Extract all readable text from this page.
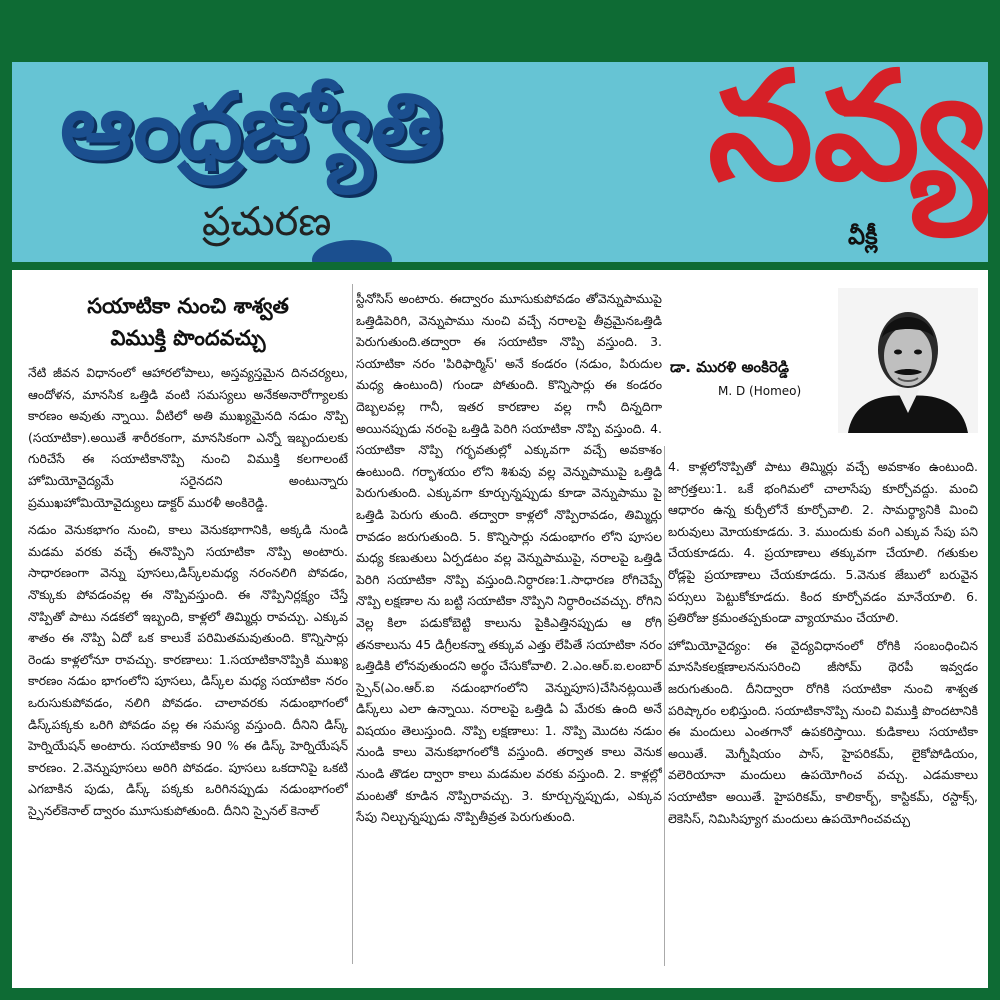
ఆంధ్రజ్యోతి
ప్రచురణ
నవ్య
వీక్లీ
సయాటికా నుంచి శాశ్వత
విముక్తి పొందవచ్చు

నేటి జీవన విధానంలో ఆహారలోపాలు, అస్తవ్యస్తమైన దినచర్యలు, ఆందోళన, మానసిక ఒత్తిడి వంటి సమస్యలు అనేకఅనారోగ్యాలకు కారణం అవుతు న్నాయి. వీటిలో అతి ముఖ్యమైనది నడుం నొప్పి (సయాటికా).అయితే శారీరకంగా, మానసికంగా ఎన్నో ఇబ్బందులకు గురిచేసే ఈ సయాటికానొప్పి నుంచి విముక్తి కలగాలంటే హోమియోవైద్యమే సరైనదని అంటున్నారు ప్రముఖహోమియోవైద్యులు డాక్టర్ మురళీ అంకిరెడ్డి.

నడుం వెనుకభాగం నుంచి, కాలు వెనుకభాగానికి, అక్కడి నుండి మడమ వరకు వచ్చే ఈనొప్పిని సయాటికా నొప్పి అంటారు. సాధారణంగా వెన్ను పూసలు,డిస్క్‌లమధ్య నరంనలిగి పోవడం, నొక్కుకు పోవడంవల్ల ఈ నొప్పివస్తుంది. ఈ నొప్పినిర్లక్ష్యం చేస్తే నొప్పితో పాటు నడకలో ఇబ్బంది, కాళ్లలో తిమ్మిర్లు రావచ్చు. ఎక్కువ శాతం ఈ నొప్పి ఏదో ఒక కాలుకే పరిమితమవుతుంది. కొన్నిసార్లు రెండు కాళ్లలోనూ రావచ్చు. కారణాలు: 1.సయాటికానొప్పికి ముఖ్య కారణం నడుం భాగంలోని పూసలు, డిస్క్‌ల మధ్య సయాటికా నరం ఒరుసుకుపోవడం, నలిగి పోవడం. చాలావరకు నడుంభాగంలో డిస్క్‌పక్కకు ఒరిగి పోవడం వల్ల ఈ సమస్య వస్తుంది. దీనిని డిస్క్ హెర్నియేషన్ అంటారు. సయాటికాకు 90 % ఈ డిస్క్ హెర్నియేషన్ కారణం. 2.వెన్నుపూసలు అరిగి పోవడం. పూసలు ఒకదానిపై ఒకటి ఎగబాకిన పుడు, డిస్క్ పక్కకు ఒరిగినప్పుడు నడుంభాగంలో స్పైనల్‌కెనాల్ ద్వారం మూసుకుపోతుంది. దీనిని స్పైనల్ కెనాల్

స్టీనోసిస్ అంటారు. ఈద్వారం మూసుకుపోవడం తోవెన్నుపాముపై ఒత్తిడిపెరిగి, వెన్నుపాము నుంచి వచ్చే నరాలపై తీవ్రమైనఒత్తిడి పెరుగుతుంది.తద్వారా ఈ సయాటికా నొప్పి వస్తుంది. 3. సయాటికా నరం 'పిరిఫార్మిస్' అనే కండరం (నడుం, పిరుదుల మధ్య ఉంటుంది) గుండా పోతుంది. కొన్నిసార్లు ఈ కండరం దెబ్బలవల్ల గానీ, ఇతర కారణాల వల్ల గానీ దిన్నదిగా అయినప్పుడు నరంపై ఒత్తిడి పెరిగి సయాటికా నొప్పి వస్తుంది. 4. సయాటికా నొప్పి గర్భవతుల్లో ఎక్కువగా వచ్చే అవకాశం ఉంటుంది. గర్భాశయం లోని శిశువు వల్ల వెన్నుపాముపై ఒత్తిడి పెరుగుతుంది. ఎక్కువగా కూర్చున్నప్పుడు కూడా వెన్నుపాము పై ఒత్తిడి పెరుగు తుంది. తద్వారా కాళ్లలో నొప్పిరావడం, తిమ్మిర్లు రావడం జరుగుతుంది. 5. కొన్నిసార్లు నడుంభాగం లోని పూసల మధ్య కణుతులు ఏర్పడటం వల్ల వెన్నుపాముపై, నరాలపై ఒత్తిడి పెరిగి సయాటికా నొప్పి వస్తుంది.నిర్ధారణ:1.సాధారణ రోగిచెప్పే నొప్పి లక్షణాల ను బట్టి సయాటికా నొప్పిని నిర్ధారించవచ్చు. రోగిని వెల్ల కిలా పడుకోబెట్టి కాలును పైకిఎత్తినప్పుడు ఆ రోగి తనకాలును 45 డిగ్రీలకన్నా తక్కువ ఎత్తు లేపితే సయాటికా నరం ఒత్తిడికి లోనవుతుందని అర్థం చేసుకోవాలి. 2.ఎం.ఆర్.ఐ.లంబార్ స్పైన్(ఎం.ఆర్.ఐ నడుంభాగంలోని వెన్నుపూస)చేసినట్లయితే డిస్క్‌లు ఎలా ఉన్నాయి. నరాలపై ఒత్తిడి ఏ మేరకు ఉంది అనే విషయం తెలుస్తుంది. నొప్పి లక్షణాలు: 1. నొప్పి మొదట నడుం నుండి కాలు వెనుకభాగంలోకి వస్తుంది. తర్వాత కాలు వెనుక నుండి తొడల ద్వారా కాలు మడమల వరకు వస్తుంది. 2. కాళ్లల్లో మంటతో కూడిన నొప్పిరావచ్చు. 3. కూర్చున్నప్పుడు, ఎక్కువ సేపు నిల్చున్నప్పుడు నొప్పితీవ్రత పెరుగుతుంది.

డా. మురళి అంకిరెడ్డి
M. D (Homeo)

4. కాళ్లలోనొప్పితో పాటు తిమ్మిర్లు వచ్చే అవకాశం ఉంటుంది. జాగ్రత్తలు:1. ఒకే భంగిమలో చాలాసేపు కూర్చోవద్దు. మంచి ఆధారం ఉన్న కుర్చీలోనే కూర్చోవాలి. 2. సామర్థ్యానికి మించి బరువులు మోయకూడదు. 3. ముందుకు వంగి ఎక్కువ సేపు పని చేయకూడదు. 4. ప్రయాణాలు తక్కువగా చేయాలి. గతుకుల రోడ్లపై ప్రయాణాలు చేయకూడదు. 5.వెనుక జేబులో బరువైన పర్సులు పెట్టుకోకూడదు. కింద కూర్చోవడం మానేయాలి. 6. ప్రతిరోజు క్రమంతప్పకుండా వ్యాయామం చేయాలి.

హోమియోవైద్యం: ఈ వైద్యవిధానంలో రోగికి సంబంధించిన మానసికలక్షణాలననుసరించి జీసోమ్ థెరపీ ఇవ్వడం జరుగుతుంది. దీనిద్వారా రోగికి సయాటికా నుంచి శాశ్వత పరిష్కారం లభిస్తుంది. సయాటికానొప్పి నుంచి విముక్తి పొందటానికి ఈ మందులు ఎంతగానో ఉపకరిస్తాయి. కుడికాలు సయాటికా అయితే. మెగ్నీషియం పాస్, హైపరికమ్, లైకోపోడియం, వలెరియానా మందులు ఉపయోగించ వచ్చు. ఎడమకాలు సయాటికా అయితే. హైపరికమ్, కాలికార్బ్, కాస్టికమ్, రస్టాక్స్, లెకెసిస్, నిమిసిప్యూగ మందులు ఉపయోగించవచ్చు
